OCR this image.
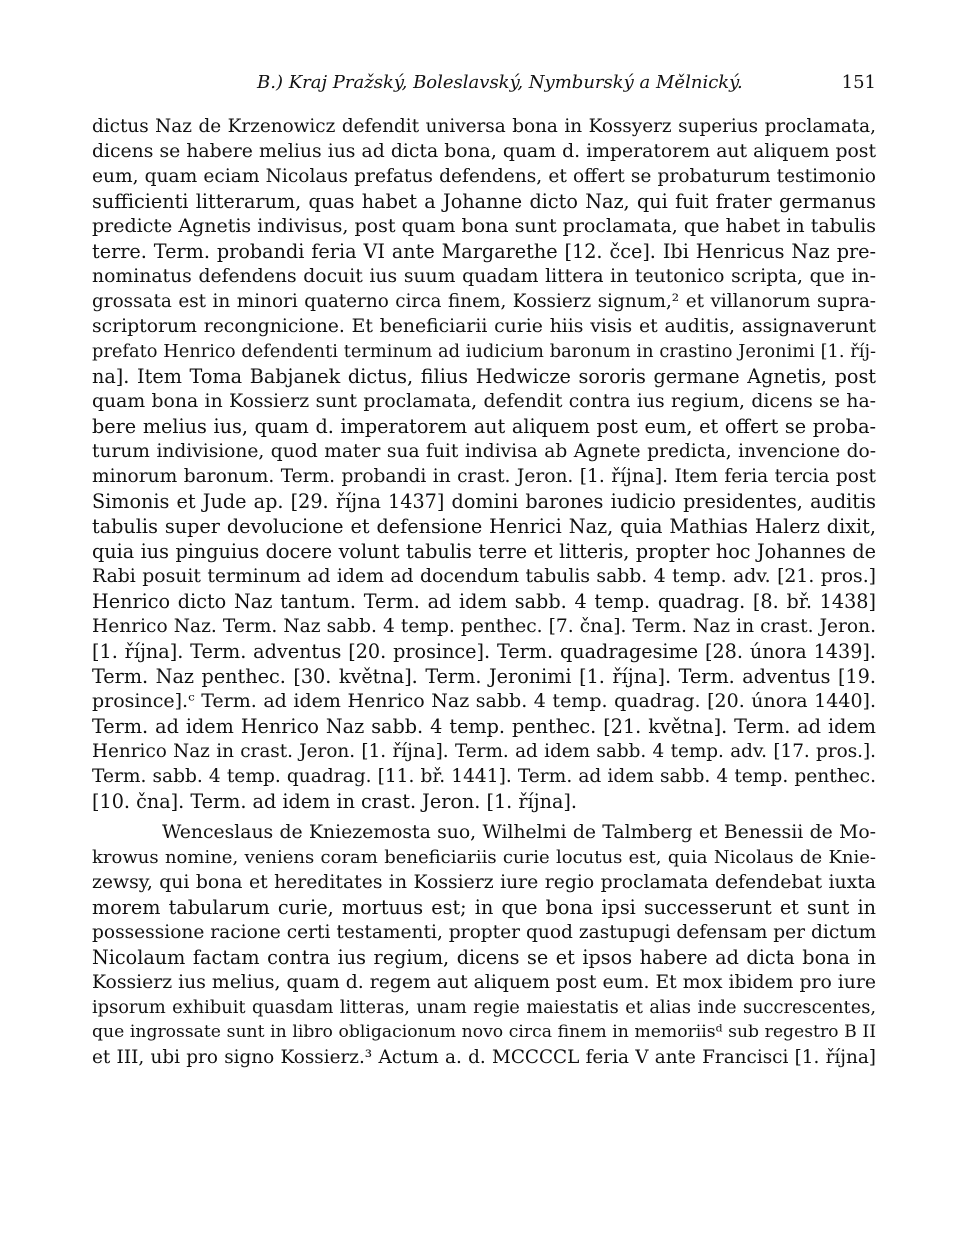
B.) Kraj Pražský, Boleslavský, Nymburský a Mělnický.	151
dictus Naz de Krzenowicz defendit universa bona in Kossyerz superius proclamata,
dicens se habere melius ius ad dicta bona, quam d. imperatorem aut aliquem post
eum, quam eciam Nicolaus prefatus defendens, et offert se probaturum testimonio
sufficienti litterarum, quas habet a Johanne dicto Naz, qui fuit frater germanus
predicte Agnetis indivisus, post quam bona sunt proclamata, que habet in tabulis
terre. Term. probandi feria VI ante Margarethe [12. čce]. Ibi Henricus Naz pre-
nominatus defendens docuit ius suum quadam littera in teutonico scripta, que in-
grossata est in minori quaterno circa finem, Kossierz signum,² et villanorum supra-
scriptorum recongnicione. Et beneficiarii curie hiis visis et auditis, assignaverunt
prefato Henrico defendenti terminum ad iudicium baronum in crastino Jeronimi [1. říj-
na]. Item Toma Babjanek dictus, filius Hedwicze sororis germane Agnetis, post
quam bona in Kossierz sunt proclamata, defendit contra ius regium, dicens se ha-
bere melius ius, quam d. imperatorem aut aliquem post eum, et offert se proba-
turum indivisione, quod mater sua fuit indivisa ab Agnete predicta, invencione do-
minorum baronum. Term. probandi in crast. Jeron. [1. října]. Item feria tercia post
Simonis et Jude ap. [29. října 1437] domini barones iudicio presidentes, auditis
tabulis super devolucione et defensione Henrici Naz, quia Mathias Halerz dixit,
quia ius pinguius docere volunt tabulis terre et litteris, propter hoc Johannes de
Rabi posuit terminum ad idem ad docendum tabulis sabb. 4 temp. adv. [21. pros.]
Henrico dicto Naz tantum. Term. ad idem sabb. 4 temp. quadrag. [8. bř. 1438]
Henrico Naz. Term. Naz sabb. 4 temp. penthec. [7. čna]. Term. Naz in crast. Jeron.
[1. října]. Term. adventus [20. prosince]. Term. quadragesime [28. února 1439].
Term. Naz penthec. [30. května]. Term. Jeronimi [1. října]. Term. adventus [19.
prosince].ᶜ Term. ad idem Henrico Naz sabb. 4 temp. quadrag. [20. února 1440].
Term. ad idem Henrico Naz sabb. 4 temp. penthec. [21. května]. Term. ad idem
Henrico Naz in crast. Jeron. [1. října]. Term. ad idem sabb. 4 temp. adv. [17. pros.].
Term. sabb. 4 temp. quadrag. [11. bř. 1441]. Term. ad idem sabb. 4 temp. penthec.
[10. čna]. Term. ad idem in crast. Jeron. [1. října].
Wenceslaus de Kniezemosta suo, Wilhelmi de Talmberg et Benessii de Mo-
krowus nomine, veniens coram beneficiariis curie locutus est, quia Nicolaus de Knie-
zewsy, qui bona et hereditates in Kossierz iure regio proclamata defendebat iuxta
morem tabularum curie, mortuus est; in que bona ipsi successerunt et sunt in
possessione racione certi testamenti, propter quod zastupugi defensam per dictum
Nicolaum factam contra ius regium, dicens se et ipsos habere ad dicta bona in
Kossierz ius melius, quam d. regem aut aliquem post eum. Et mox ibidem pro iure
ipsorum exhibuit quasdam litteras, unam regie maiestatis et alias inde succrescentes,
que ingrossate sunt in libro obligacionum novo circa finem in memoriisᵈ sub regestro B II
et III, ubi pro signo Kossierz.³ Actum a. d. MCCCCL feria V ante Francisci [1. října]
